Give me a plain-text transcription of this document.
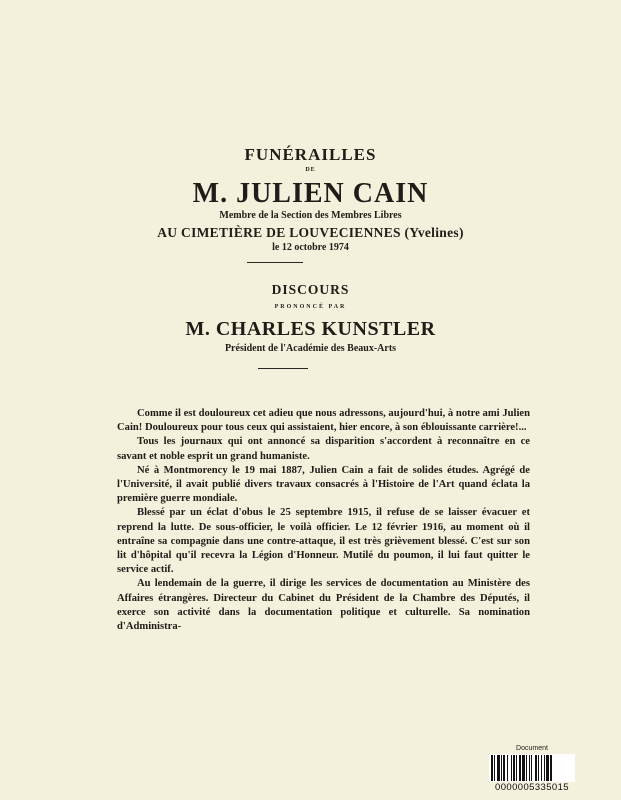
FUNÉRAILLES
DE
M. JULIEN CAIN
Membre de la Section des Membres Libres
AU CIMETIÈRE DE LOUVECIENNES (Yvelines)
le 12 octobre 1974
DISCOURS
PRONONCÉ PAR
M. CHARLES KUNSTLER
Président de l'Académie des Beaux-Arts

Comme il est douloureux cet adieu que nous adressons, aujourd'hui, à notre ami Julien Cain! Douloureux pour tous ceux qui assistaient, hier encore, à son éblouissante carrière!...

Tous les journaux qui ont annoncé sa disparition s'accordent à reconnaître en ce savant et noble esprit un grand humaniste.

Né à Montmorency le 19 mai 1887, Julien Cain a fait de solides études. Agrégé de l'Université, il avait publié divers travaux consacrés à l'Histoire de l'Art quand éclata la première guerre mondiale.

Blessé par un éclat d'obus le 25 septembre 1915, il refuse de se laisser évacuer et reprend la lutte. De sous-officier, le voilà officier. Le 12 février 1916, au moment où il entraîne sa compagnie dans une contre-attaque, il est très grièvement blessé. C'est sur son lit d'hôpital qu'il recevra la Légion d'Honneur. Mutilé du poumon, il lui faut quitter le service actif.

Au lendemain de la guerre, il dirige les services de documentation au Ministère des Affaires étrangères. Directeur du Cabinet du Président de la Chambre des Députés, il exerce son activité dans la documentation politique et culturelle. Sa nomination d'Administra-

Document
0000005335015
